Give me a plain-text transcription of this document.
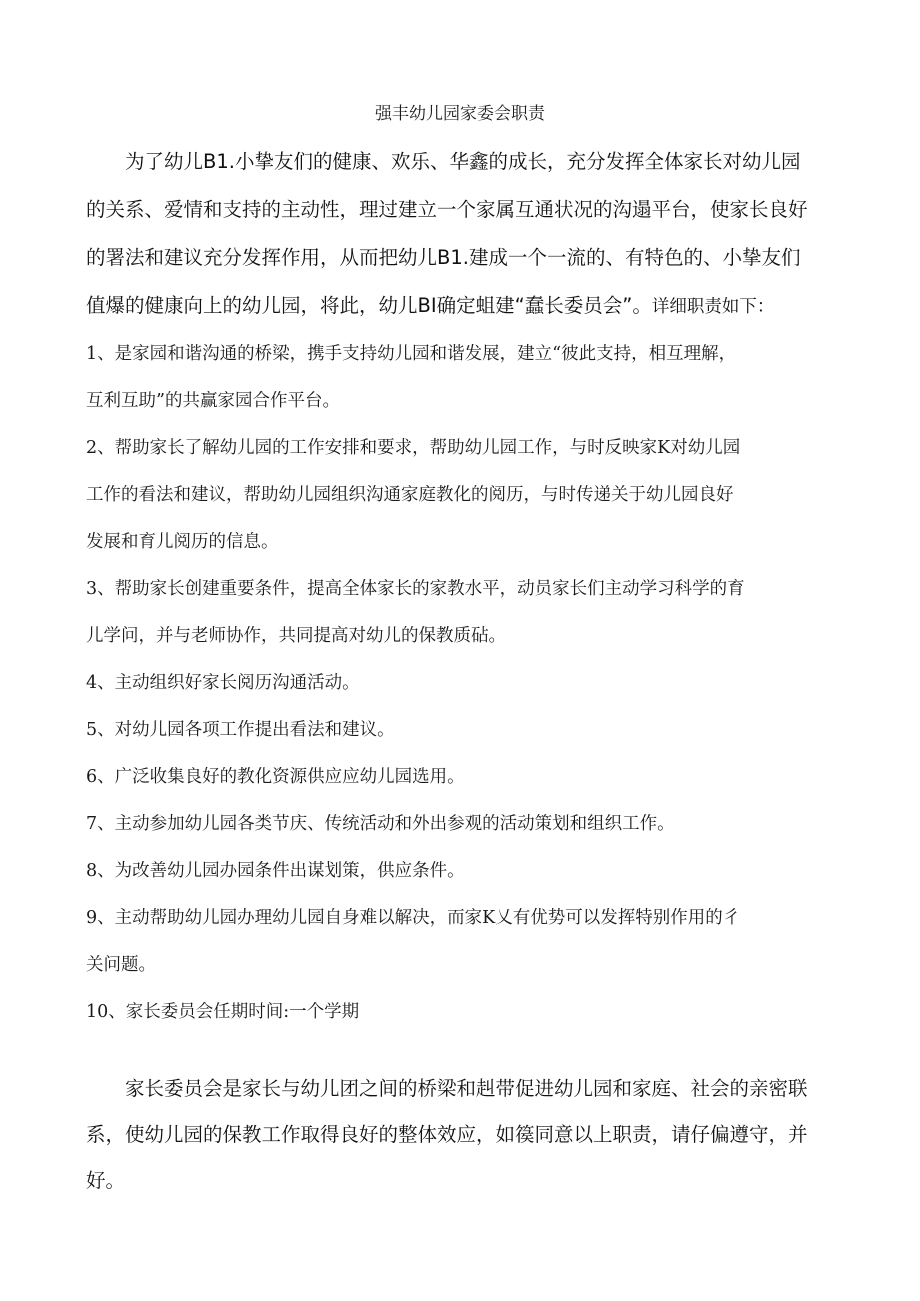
强丰幼儿园家委会职责
为了幼儿B1.小挚友们的健康、欢乐、华鑫的成长，充分发挥全体家长对幼儿园
的关系、爱情和支持的主动性，理过建立一个家属互通状况的沟遢平台，使家长良好
的署法和建议充分发挥作用，从而把幼儿B1.建成一个一流的、有特色的、小挚友们
值爆的健康向上的幼儿园，将此，幼儿BI确定蛆建“蠢长委员会”。详细职责如下：
1、是家园和谐沟通的桥梁，携手支持幼儿园和谐发展，建立“彼此支持，相互理解，
互利互助”的共赢家园合作平台。
2、帮助家长了解幼儿园的工作安排和要求，帮助幼儿园工作，与时反映家K对幼儿园
工作的看法和建议，帮助幼儿园组织沟通家庭教化的阅历，与时传递关于幼儿园良好
发展和育儿阅历的信息。
3、帮助家长创建重要条件，提高全体家长的家教水平，动员家长们主动学习科学的育
儿学问，并与老师协作，共同提高对幼儿的保教质砧。
4、主动组织好家长阅历沟通活动。
5、对幼儿园各项工作提出看法和建议。
6、广泛收集良好的教化资源供应应幼儿园选用。
7、主动参加幼儿园各类节庆、传统活动和外出参观的活动策划和组织工作。
8、为改善幼儿园办园条件出谋划策，供应条件。
9、主动帮助幼儿园办理幼儿园自身难以解决，而家K乂有优势可以发挥特别作用的彳
关问题。
10、家长委员会任期时间:一个学期
家长委员会是家长与幼儿团之间的桥梁和赳带促进幼儿园和家庭、社会的亲密联
系，使幼儿园的保教工作取得良好的整体效应，如篌同意以上职责，请仔偏遵守，并
好。
